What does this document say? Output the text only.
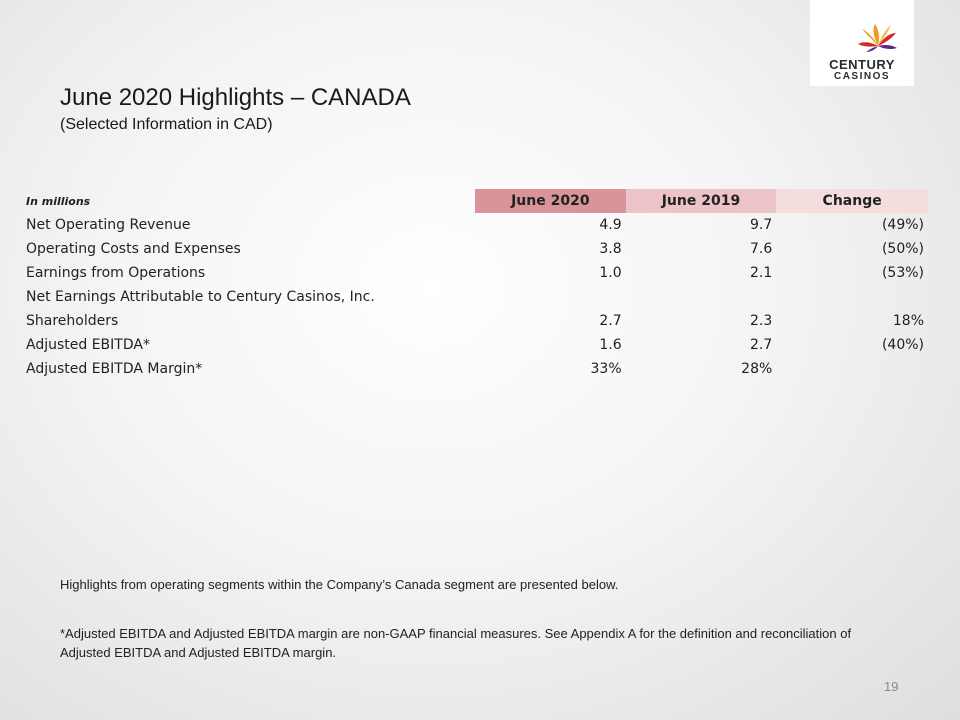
CENTURY
CASINOS
June 2020 Highlights – CANADA
(Selected Information in CAD)
In millions	June 2020	June 2019	Change
Net Operating Revenue	4.9	9.7	(49%)
Operating Costs and Expenses	3.8	7.6	(50%)
Earnings from Operations	1.0	2.1	(53%)
Net Earnings Attributable to Century Casinos, Inc.			
Shareholders	2.7	2.3	18%
Adjusted EBITDA*	1.6	2.7	(40%)
Adjusted EBITDA Margin*	33%	28%	
Highlights from operating segments within the Company’s Canada segment are presented below.
*Adjusted EBITDA and Adjusted EBITDA margin are non-GAAP financial measures. See Appendix A for the definition and reconciliation of Adjusted EBITDA and Adjusted EBITDA margin.
19
